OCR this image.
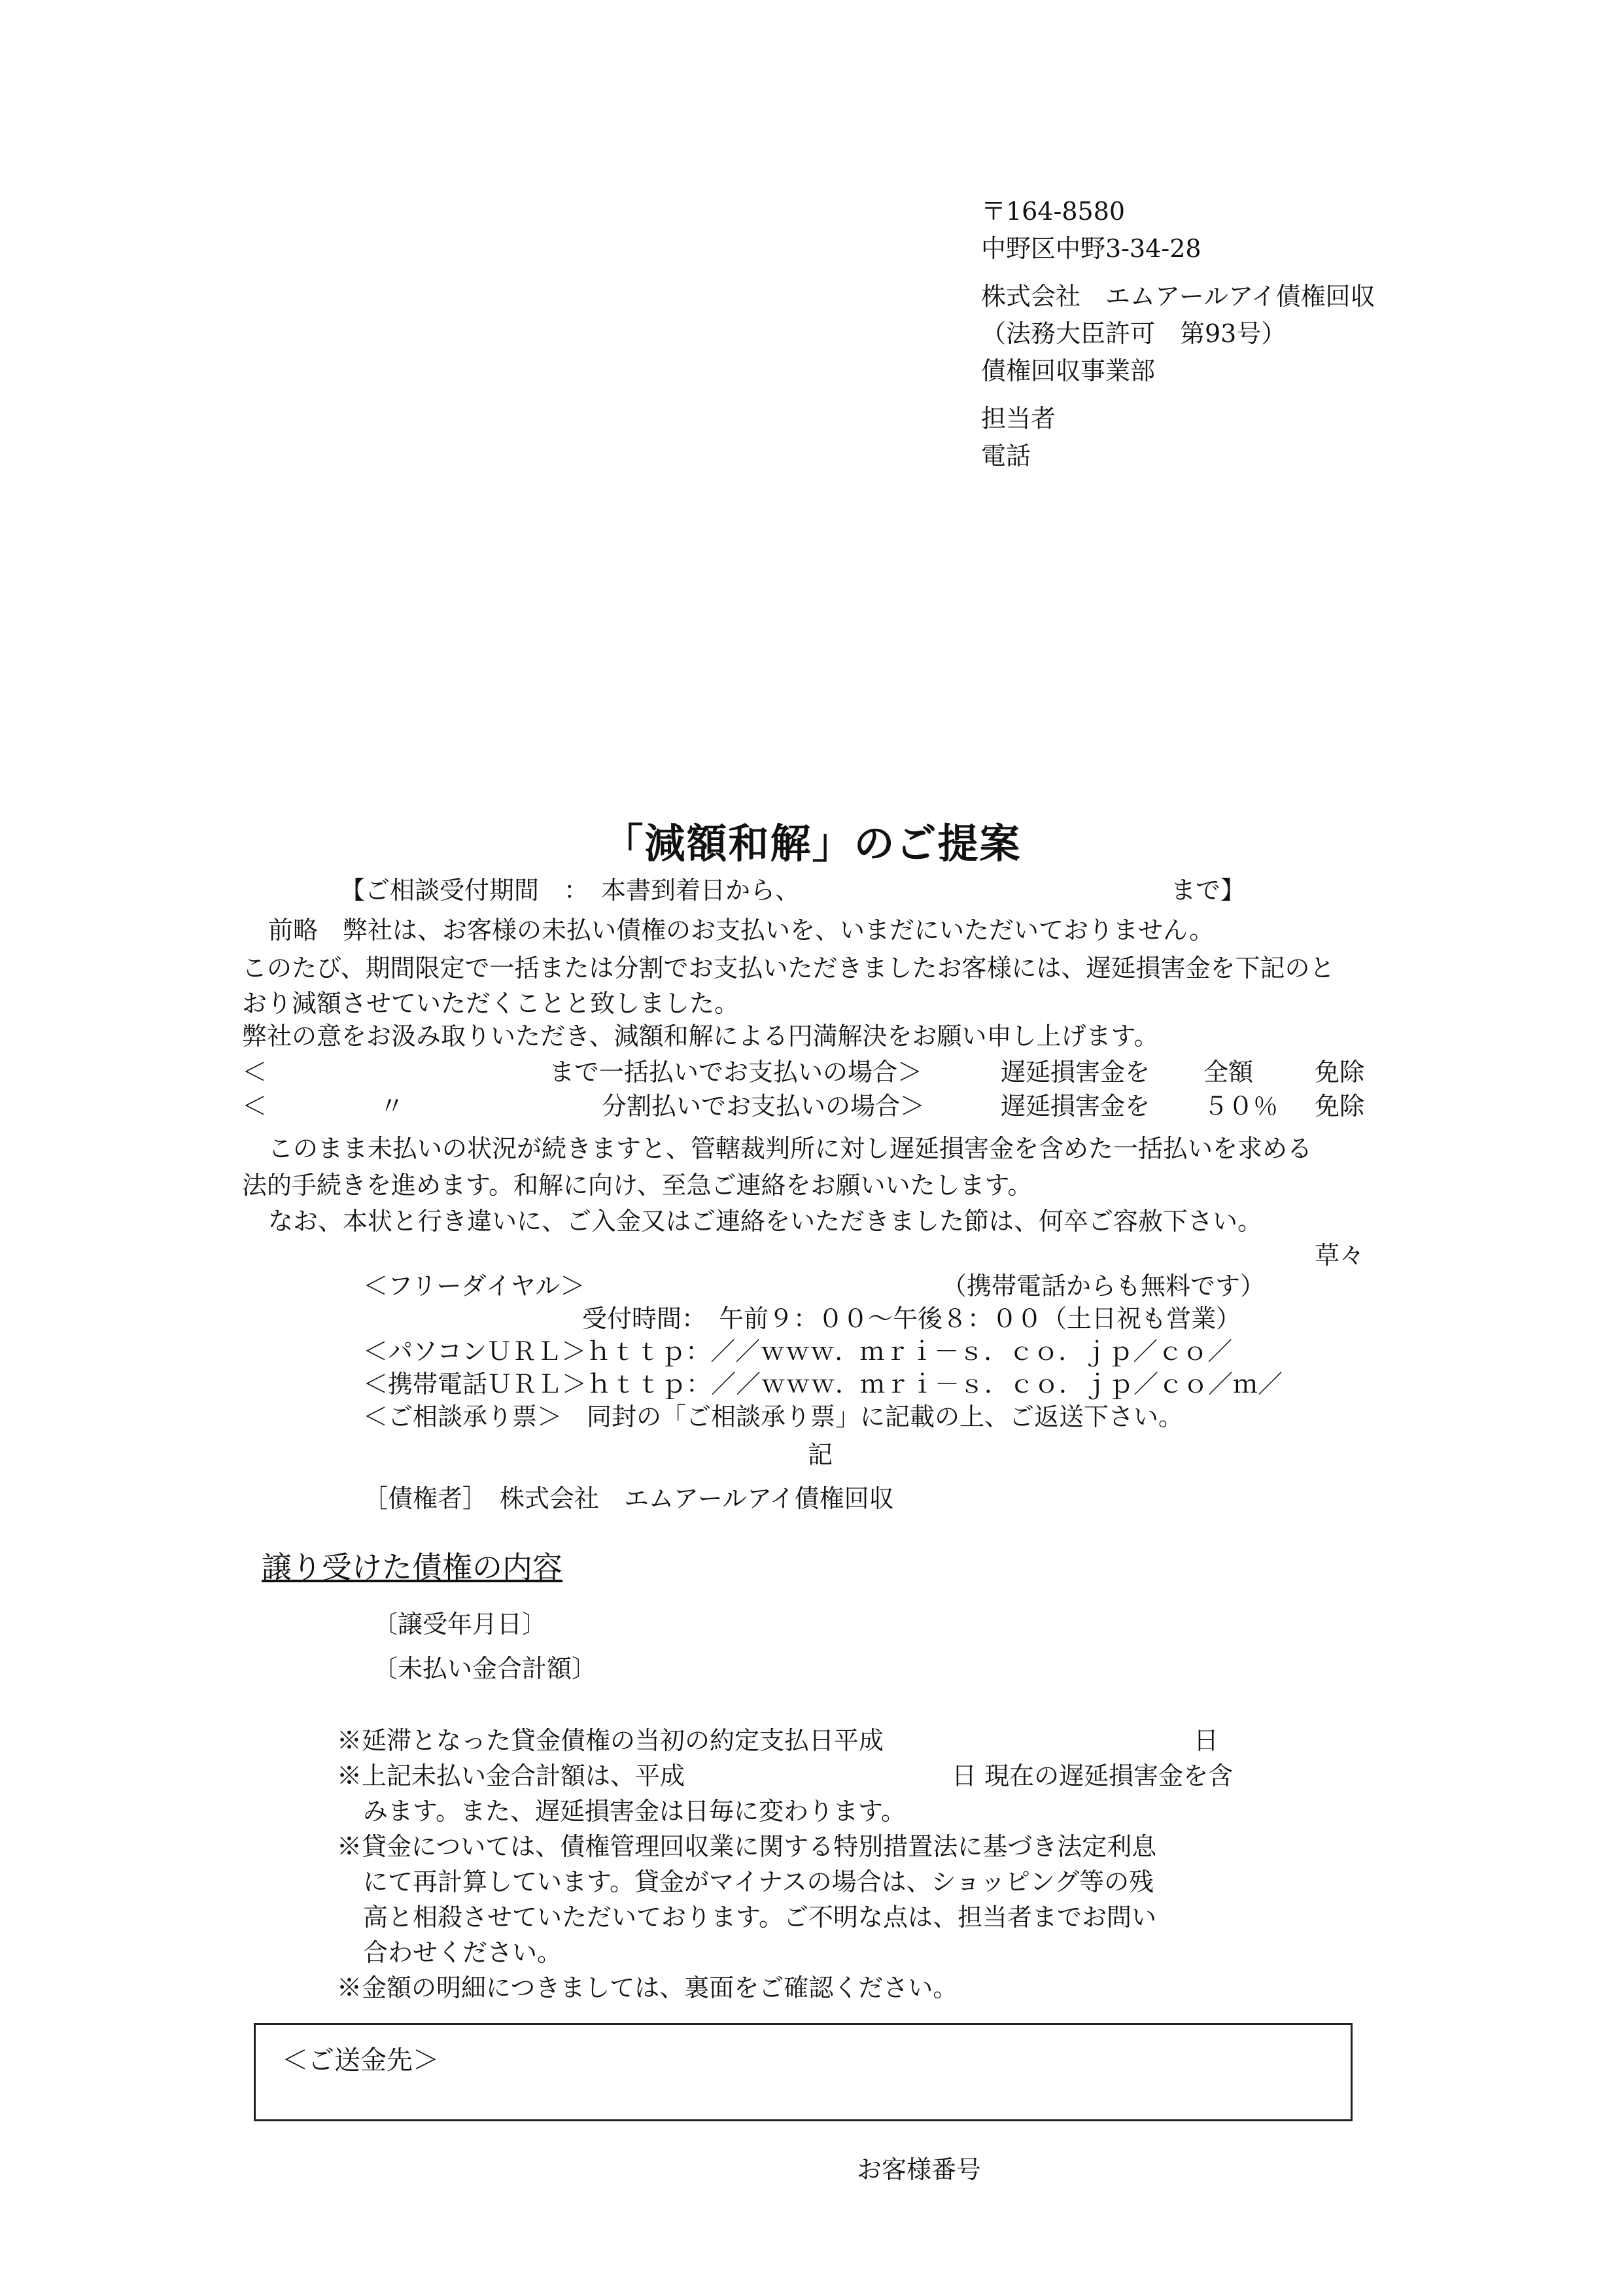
〒164-8580
中野区中野3-34-28
株式会社　エムアールアイ債権回収
（法務大臣許可　第93号）
債権回収事業部
担当者
電話
「減額和解」のご提案
【ご相談受付期間　：　本書到着日から、	まで】
前略　弊社は、お客様の未払い債権のお支払いを、いまだにいただいておりません。
このたび、期間限定で一括または分割でお支払いただきましたお客様には、遅延損害金を下記のと
おり減額させていただくことと致しました。
弊社の意をお汲み取りいただき、減額和解による円満解決をお願い申し上げます。
＜	まで一括払いでお支払いの場合＞	遅延損害金を 全額 免除
＜	〃	分割払いでお支払いの場合＞	遅延損害金を ５０％ 免除
このまま未払いの状況が続きますと、管轄裁判所に対し遅延損害金を含めた一括払いを求める
法的手続きを進めます。和解に向け、至急ご連絡をお願いいたします。
なお、本状と行き違いに、ご入金又はご連絡をいただきました節は、何卒ご容赦下さい。
草々
＜フリーダイヤル＞	（携帯電話からも無料です）
受付時間：　午前９：００～午後８：００（土日祝も営業）
＜パソコンＵＲＬ＞ｈｔｔｐ：／／ｗｗｗ．ｍｒｉ－ｓ．ｃｏ．ｊｐ／ｃｏ／
＜携帯電話ＵＲＬ＞ｈｔｔｐ：／／ｗｗｗ．ｍｒｉ－ｓ．ｃｏ．ｊｐ／ｃｏ／ｍ／
＜ご相談承り票＞　同封の「ご相談承り票」に記載の上、ご返送下さい。
記
［債権者］　株式会社　エムアールアイ債権回収
譲り受けた債権の内容
〔譲受年月日〕
〔未払い金合計額〕
※延滞となった貸金債権の当初の約定支払日平成	日
※上記未払い金合計額は、平成	日 現在の遅延損害金を含
みます。また、遅延損害金は日毎に変わります。
※貸金については、債権管理回収業に関する特別措置法に基づき法定利息
にて再計算しています。貸金がマイナスの場合は、ショッピング等の残
高と相殺させていただいております。ご不明な点は、担当者までお問い
合わせください。
※金額の明細につきましては、裏面をご確認ください。
＜ご送金先＞
お客様番号
